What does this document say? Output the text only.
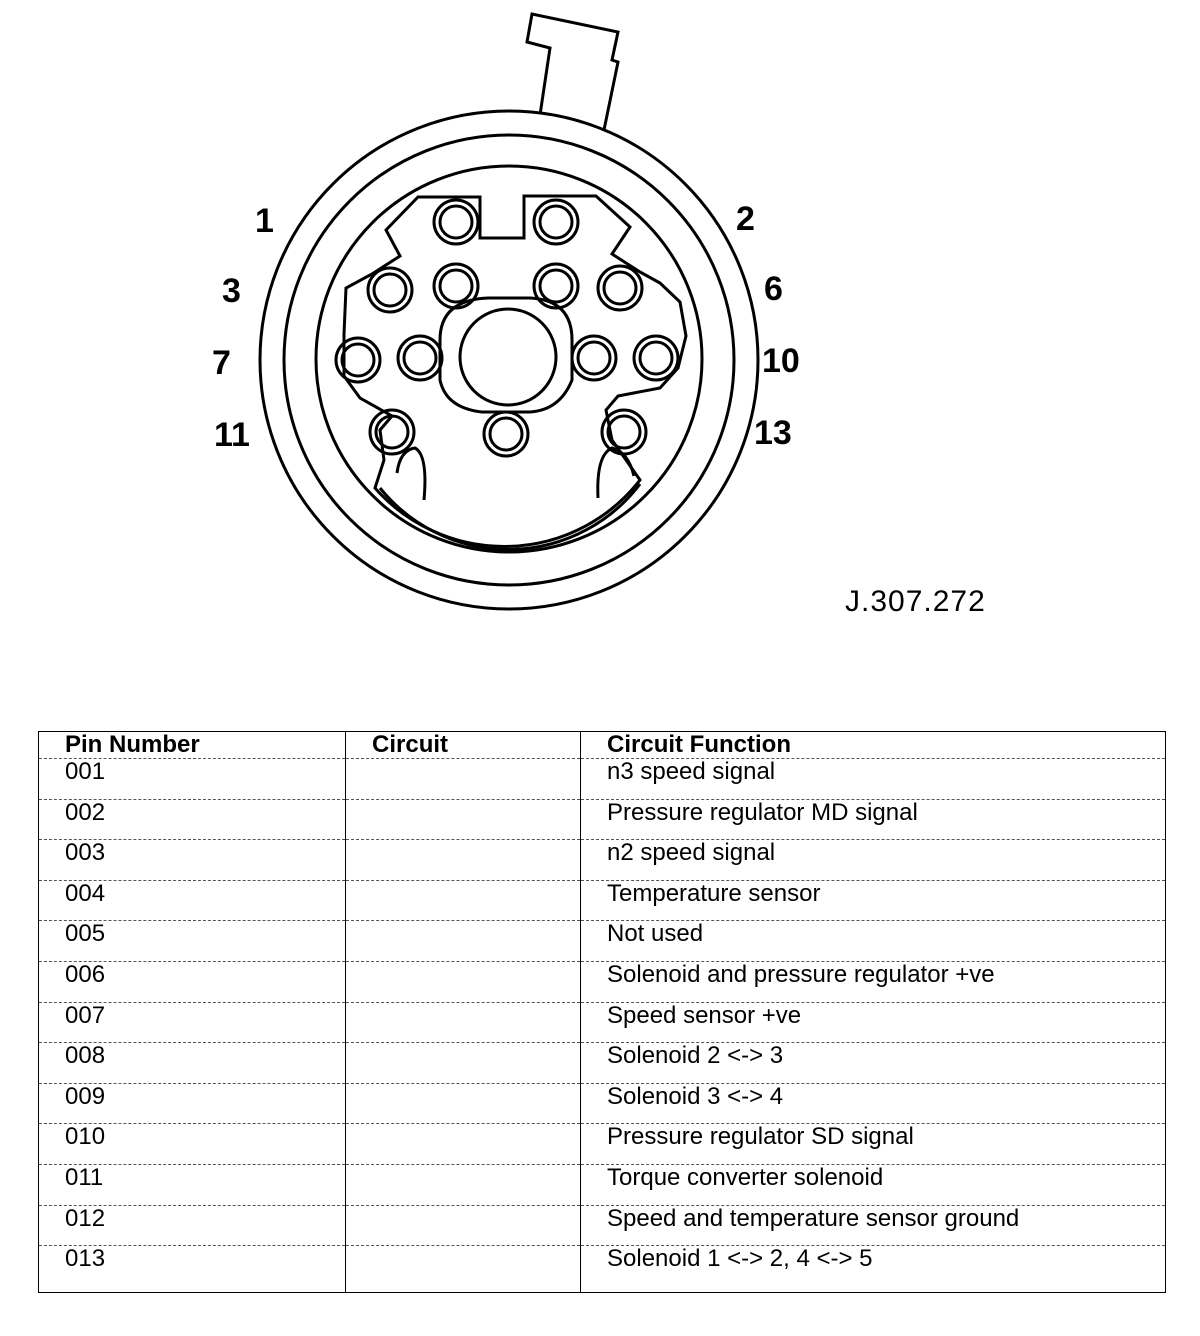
1	2
3	6
7	10
11	13
J.307.272
Pin Number	Circuit	Circuit Function
001		n3 speed signal
002		Pressure regulator MD signal
003		n2 speed signal
004		Temperature sensor
005		Not used
006		Solenoid and pressure regulator +ve
007		Speed sensor +ve
008		Solenoid 2 <-> 3
009		Solenoid 3 <-> 4
010		Pressure regulator SD signal
011		Torque converter solenoid
012		Speed and temperature sensor ground
013		Solenoid 1 <-> 2, 4 <-> 5
